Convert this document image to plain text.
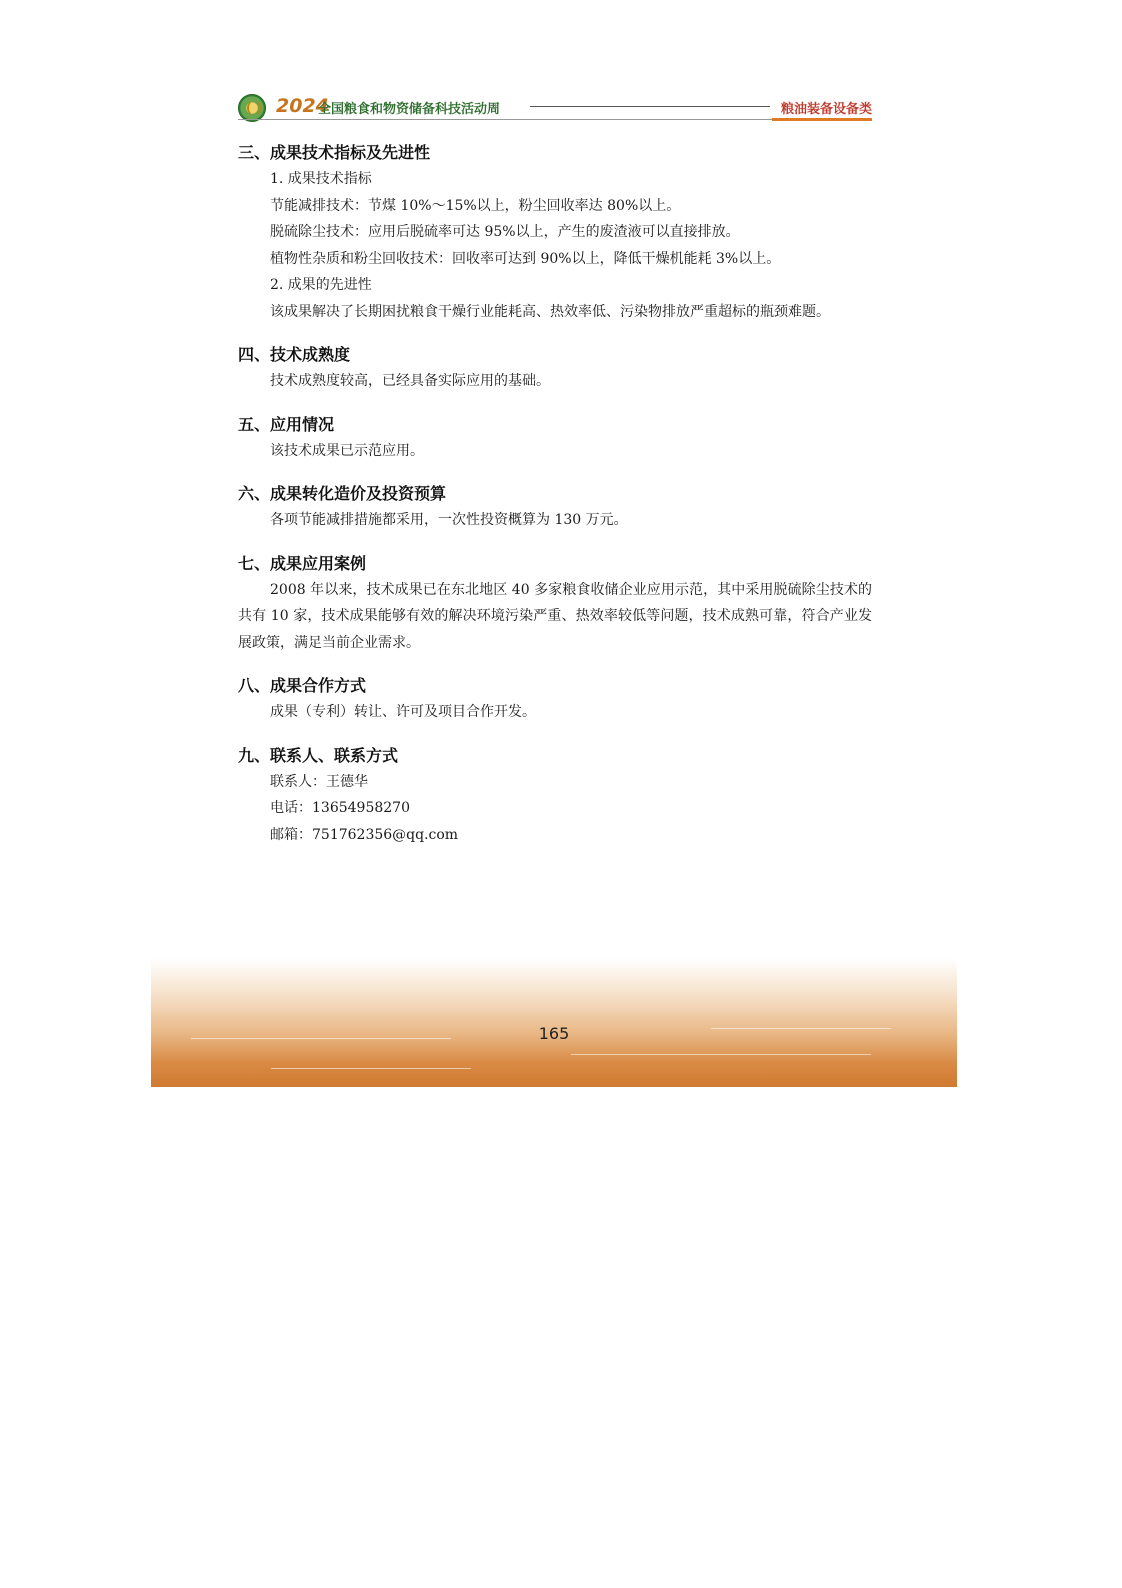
2024
全国粮食和物资储备科技活动周	粮油装备设备类
三、成果技术指标及先进性

1. 成果技术指标

节能减排技术：节煤 10%～15%以上，粉尘回收率达 80%以上。

脱硫除尘技术：应用后脱硫率可达 95%以上，产生的废渣液可以直接排放。

植物性杂质和粉尘回收技术：回收率可达到 90%以上，降低干燥机能耗 3%以上。

2. 成果的先进性

该成果解决了长期困扰粮食干燥行业能耗高、热效率低、污染物排放严重超标的瓶颈难题。

四、技术成熟度

技术成熟度较高，已经具备实际应用的基础。

五、应用情况

该技术成果已示范应用。

六、成果转化造价及投资预算

各项节能减排措施都采用，一次性投资概算为 130 万元。

七、成果应用案例

2008 年以来，技术成果已在东北地区 40 多家粮食收储企业应用示范，其中采用脱硫除尘技术的共有 10 家，技术成果能够有效的解决环境污染严重、热效率较低等问题，技术成熟可靠，符合产业发展政策，满足当前企业需求。

八、成果合作方式

成果（专利）转让、许可及项目合作开发。

九、联系人、联系方式

联系人：王德华

电话：13654958270

邮箱：751762356@qq.com

165
